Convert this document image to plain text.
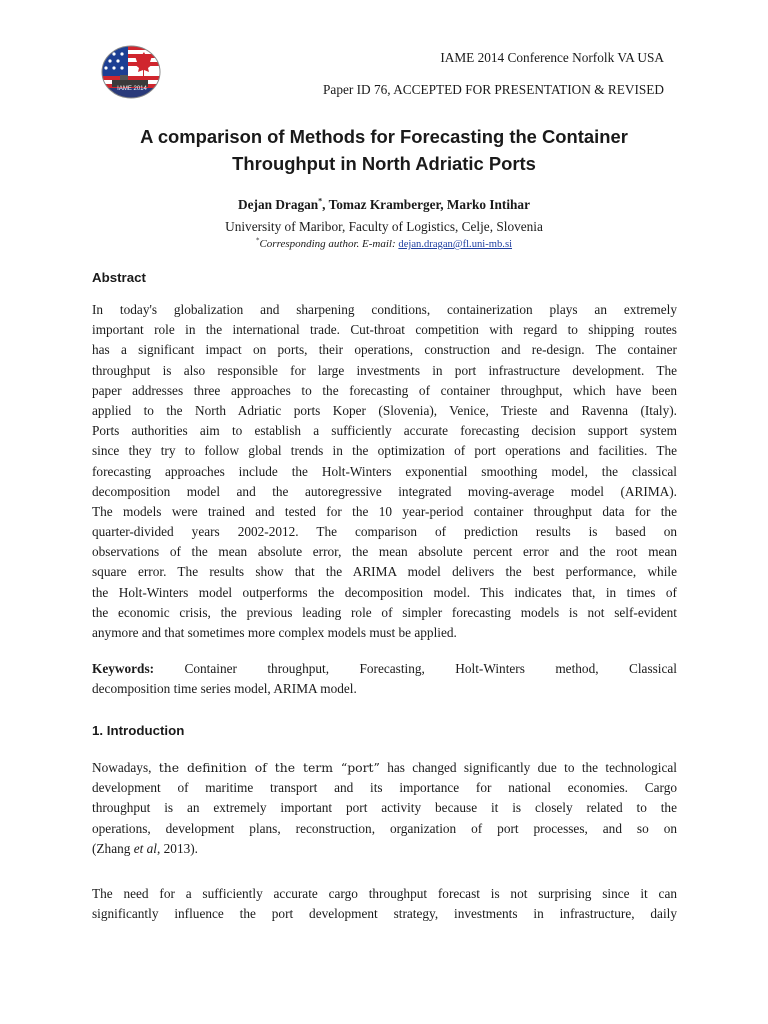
IAME 2014
IAME 2014 Conference Norfolk VA USA
Paper ID 76, ACCEPTED FOR PRESENTATION & REVISED
A comparison of Methods for Forecasting the Container
Throughput in North Adriatic Ports
Dejan Dragan*, Tomaz Kramberger, Marko Intihar
University of Maribor, Faculty of Logistics, Celje, Slovenia
*Corresponding author. E-mail: dejan.dragan@fl.uni-mb.si
Abstract
In today's globalization and sharpening conditions, containerization plays an extremely
important role in the international trade. Cut-throat competition with regard to shipping routes
has a significant impact on ports, their operations, construction and re-design. The container
throughput is also responsible for large investments in port infrastructure development. The
paper addresses three approaches to the forecasting of container throughput, which have been
applied to the North Adriatic ports Koper (Slovenia), Venice, Trieste and Ravenna (Italy).
Ports authorities aim to establish a sufficiently accurate forecasting decision support system
since they try to follow global trends in the optimization of port operations and facilities. The
forecasting approaches include the Holt-Winters exponential smoothing model, the classical
decomposition model and the autoregressive integrated moving-average model (ARIMA).
The models were trained and tested for the 10 year-period container throughput data for the
quarter-divided years 2002-2012. The comparison of prediction results is based on
observations of the mean absolute error, the mean absolute percent error and the root mean
square error. The results show that the ARIMA model delivers the best performance, while
the Holt-Winters model outperforms the decomposition model. This indicates that, in times of
the economic crisis, the previous leading role of simpler forecasting models is not self-evident
anymore and that sometimes more complex models must be applied.
Keywords: Container throughput, Forecasting, Holt-Winters method, Classical
decomposition time series model, ARIMA model.
1. Introduction
Nowadays, the definition of the term “port” has changed significantly due to the technological
development of maritime transport and its importance for national economies. Cargo
throughput is an extremely important port activity because it is closely related to the
operations, development plans, reconstruction, organization of port processes, and so on
(Zhang et al, 2013).
The need for a sufficiently accurate cargo throughput forecast is not surprising since it can
significantly influence the port development strategy, investments in infrastructure, daily
